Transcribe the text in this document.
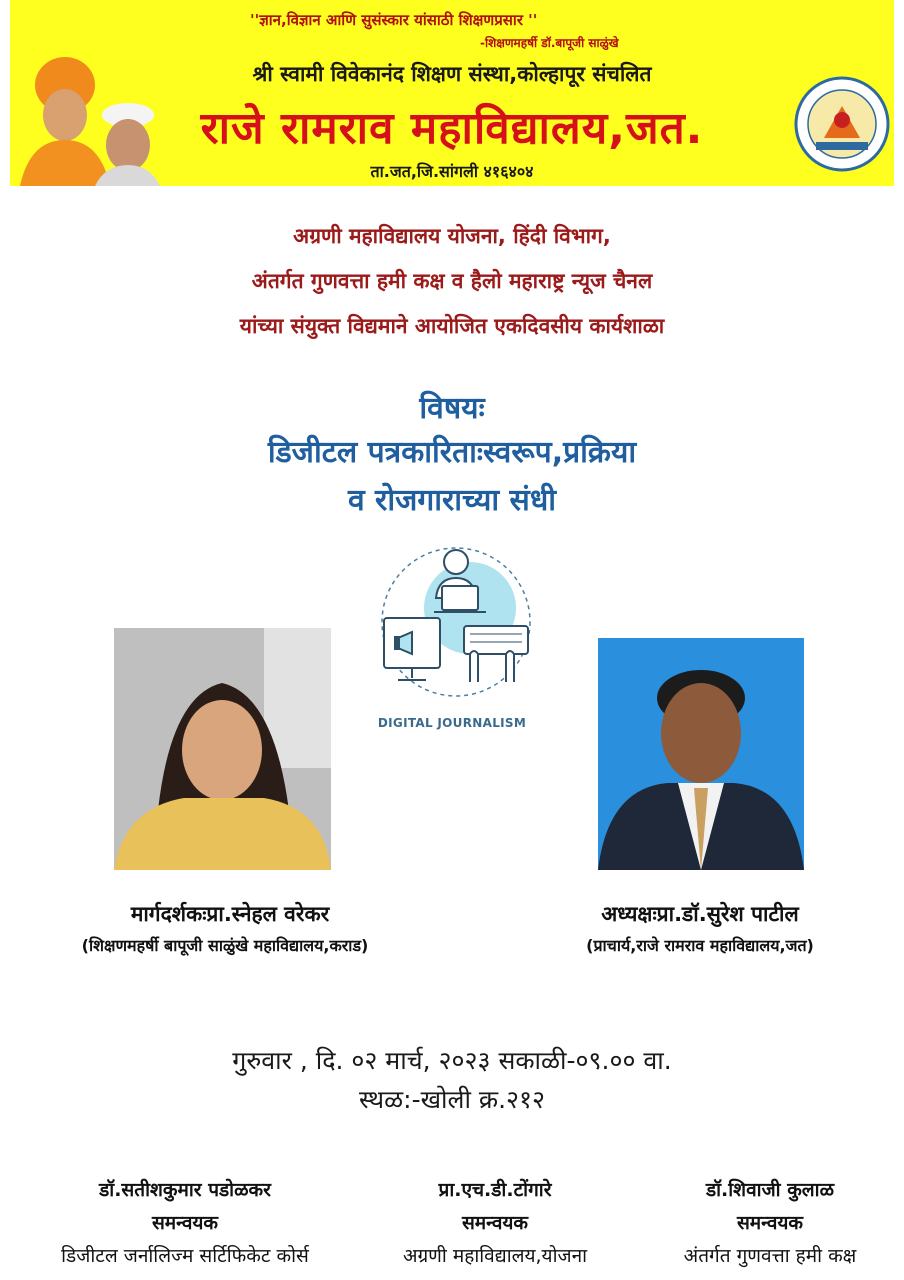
''ज्ञान,विज्ञान आणि सुसंस्कार यांसाठी शिक्षणप्रसार ''
-शिक्षणमहर्षी डॉ.बापूजी साळुंखे
श्री स्वामी विवेकानंद शिक्षण संस्था,कोल्हापूर संचलित
राजे रामराव महाविद्यालय,जत.
ता.जत,जि.सांगली ४१६४०४
अग्रणी महाविद्यालय योजना, हिंदी विभाग,
अंतर्गत गुणवत्ता हमी कक्ष व हैलो महाराष्ट्र न्यूज चैनल
यांच्या संयुक्त विद्यमाने आयोजित एकदिवसीय कार्यशाळा
विषयः
डिजीटल पत्रकारिताःस्वरूप,प्रक्रिया
व रोजगाराच्या संधी
DIGITAL JOURNALISM
मार्गदर्शकःप्रा.स्नेहल वरेकर
(शिक्षणमहर्षी बापूजी साळुंखे महाविद्यालय,कराड)
अध्यक्षःप्रा.डॉ.सुरेश पाटील
(प्राचार्य,राजे रामराव महाविद्यालय,जत)
गुरुवार , दि. ०२ मार्च, २०२३ सकाळी-०९.०० वा.
स्थळ:-खोली क्र.२१२
डॉ.सतीशकुमार पडोळकर
समन्वयक
डिजीटल जर्नालिज्म सर्टिफिकेट कोर्स
प्रा.एच.डी.टोंगारे
समन्वयक
अग्रणी महाविद्यालय,योजना
डॉ.शिवाजी कुलाळ
समन्वयक
अंतर्गत गुणवत्ता हमी कक्ष
